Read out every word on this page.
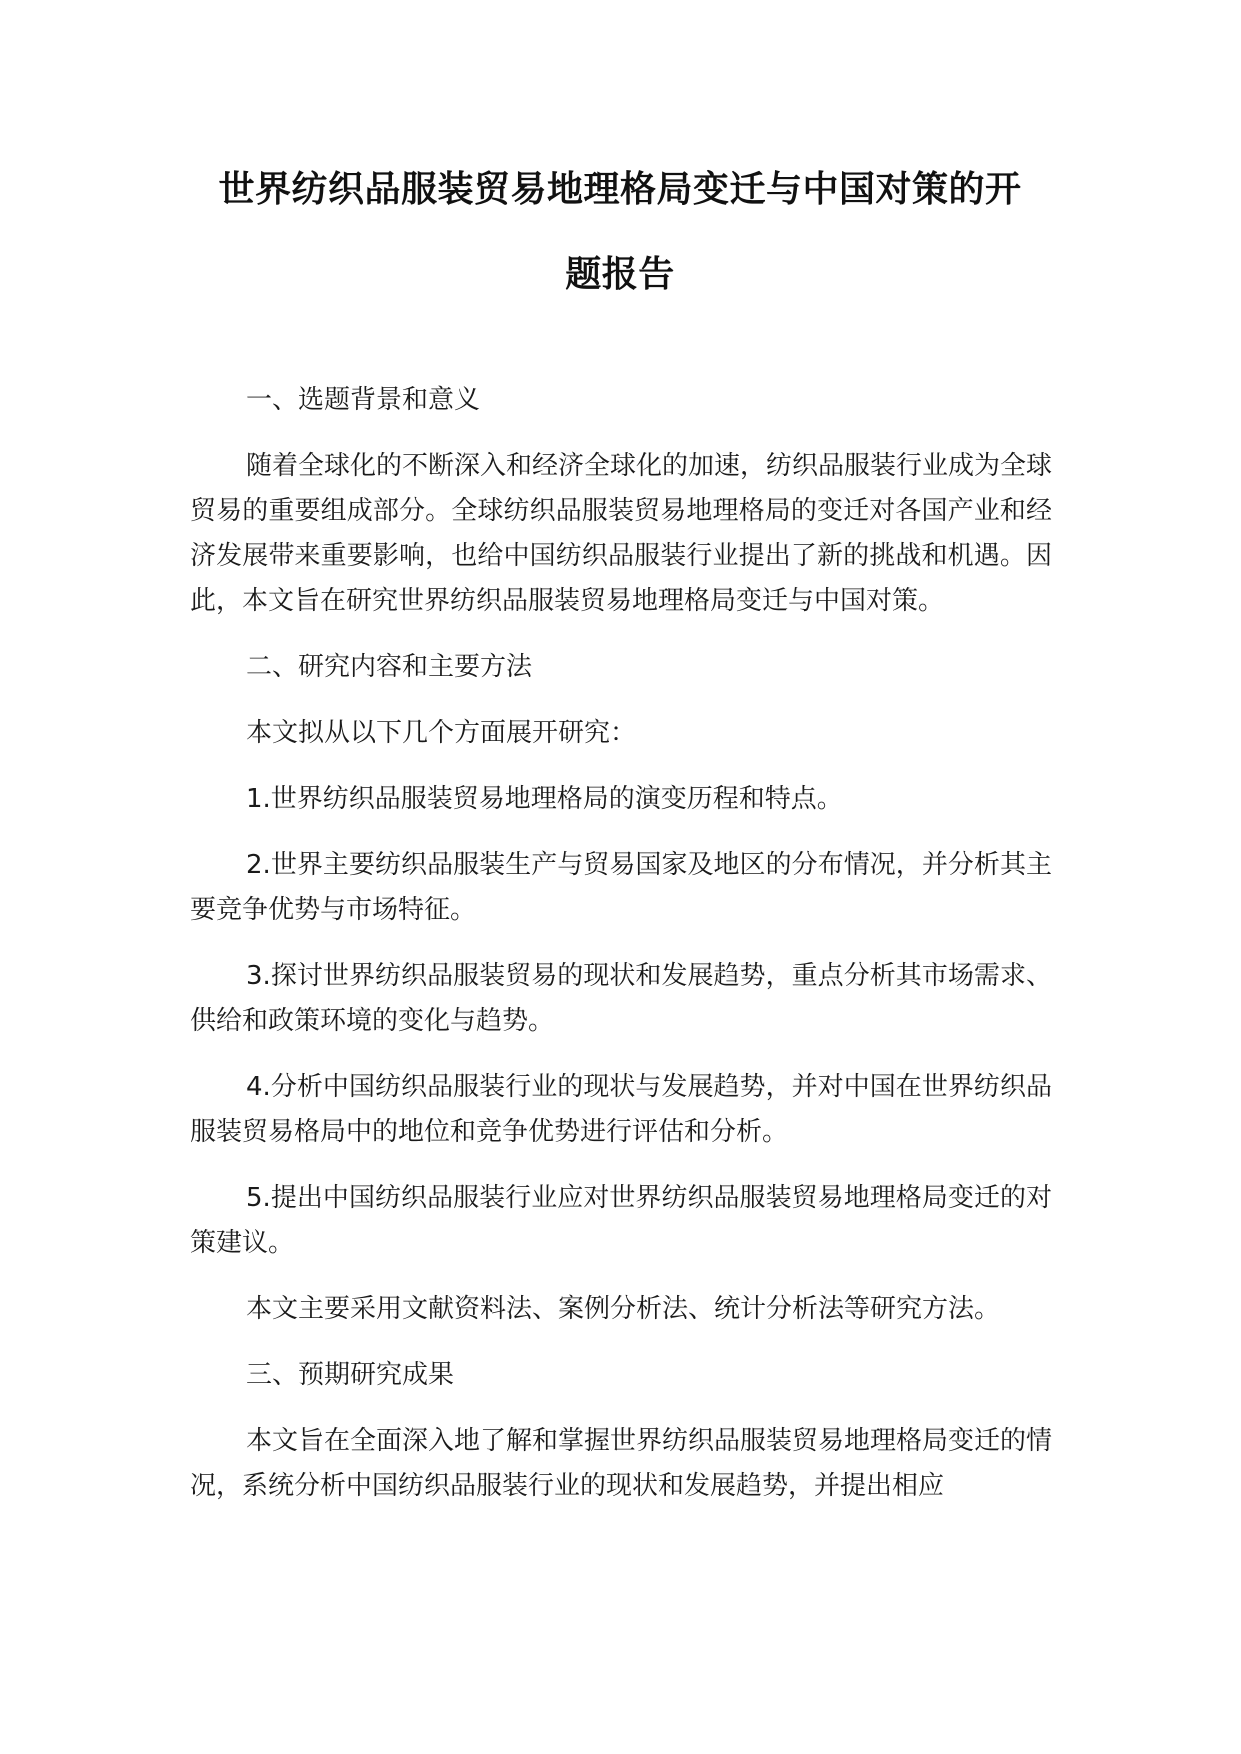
世界纺织品服装贸易地理格局变迁与中国对策的开
题报告

一、选题背景和意义

随着全球化的不断深入和经济全球化的加速，纺织品服装行业成为全球贸易的重要组成部分。全球纺织品服装贸易地理格局的变迁对各国产业和经济发展带来重要影响，也给中国纺织品服装行业提出了新的挑战和机遇。因此，本文旨在研究世界纺织品服装贸易地理格局变迁与中国对策。

二、研究内容和主要方法

本文拟从以下几个方面展开研究：

1.世界纺织品服装贸易地理格局的演变历程和特点。

2.世界主要纺织品服装生产与贸易国家及地区的分布情况，并分析其主要竞争优势与市场特征。

3.探讨世界纺织品服装贸易的现状和发展趋势，重点分析其市场需求、供给和政策环境的变化与趋势。

4.分析中国纺织品服装行业的现状与发展趋势，并对中国在世界纺织品服装贸易格局中的地位和竞争优势进行评估和分析。

5.提出中国纺织品服装行业应对世界纺织品服装贸易地理格局变迁的对策建议。

本文主要采用文献资料法、案例分析法、统计分析法等研究方法。

三、预期研究成果

本文旨在全面深入地了解和掌握世界纺织品服装贸易地理格局变迁的情况，系统分析中国纺织品服装行业的现状和发展趋势，并提出相应
